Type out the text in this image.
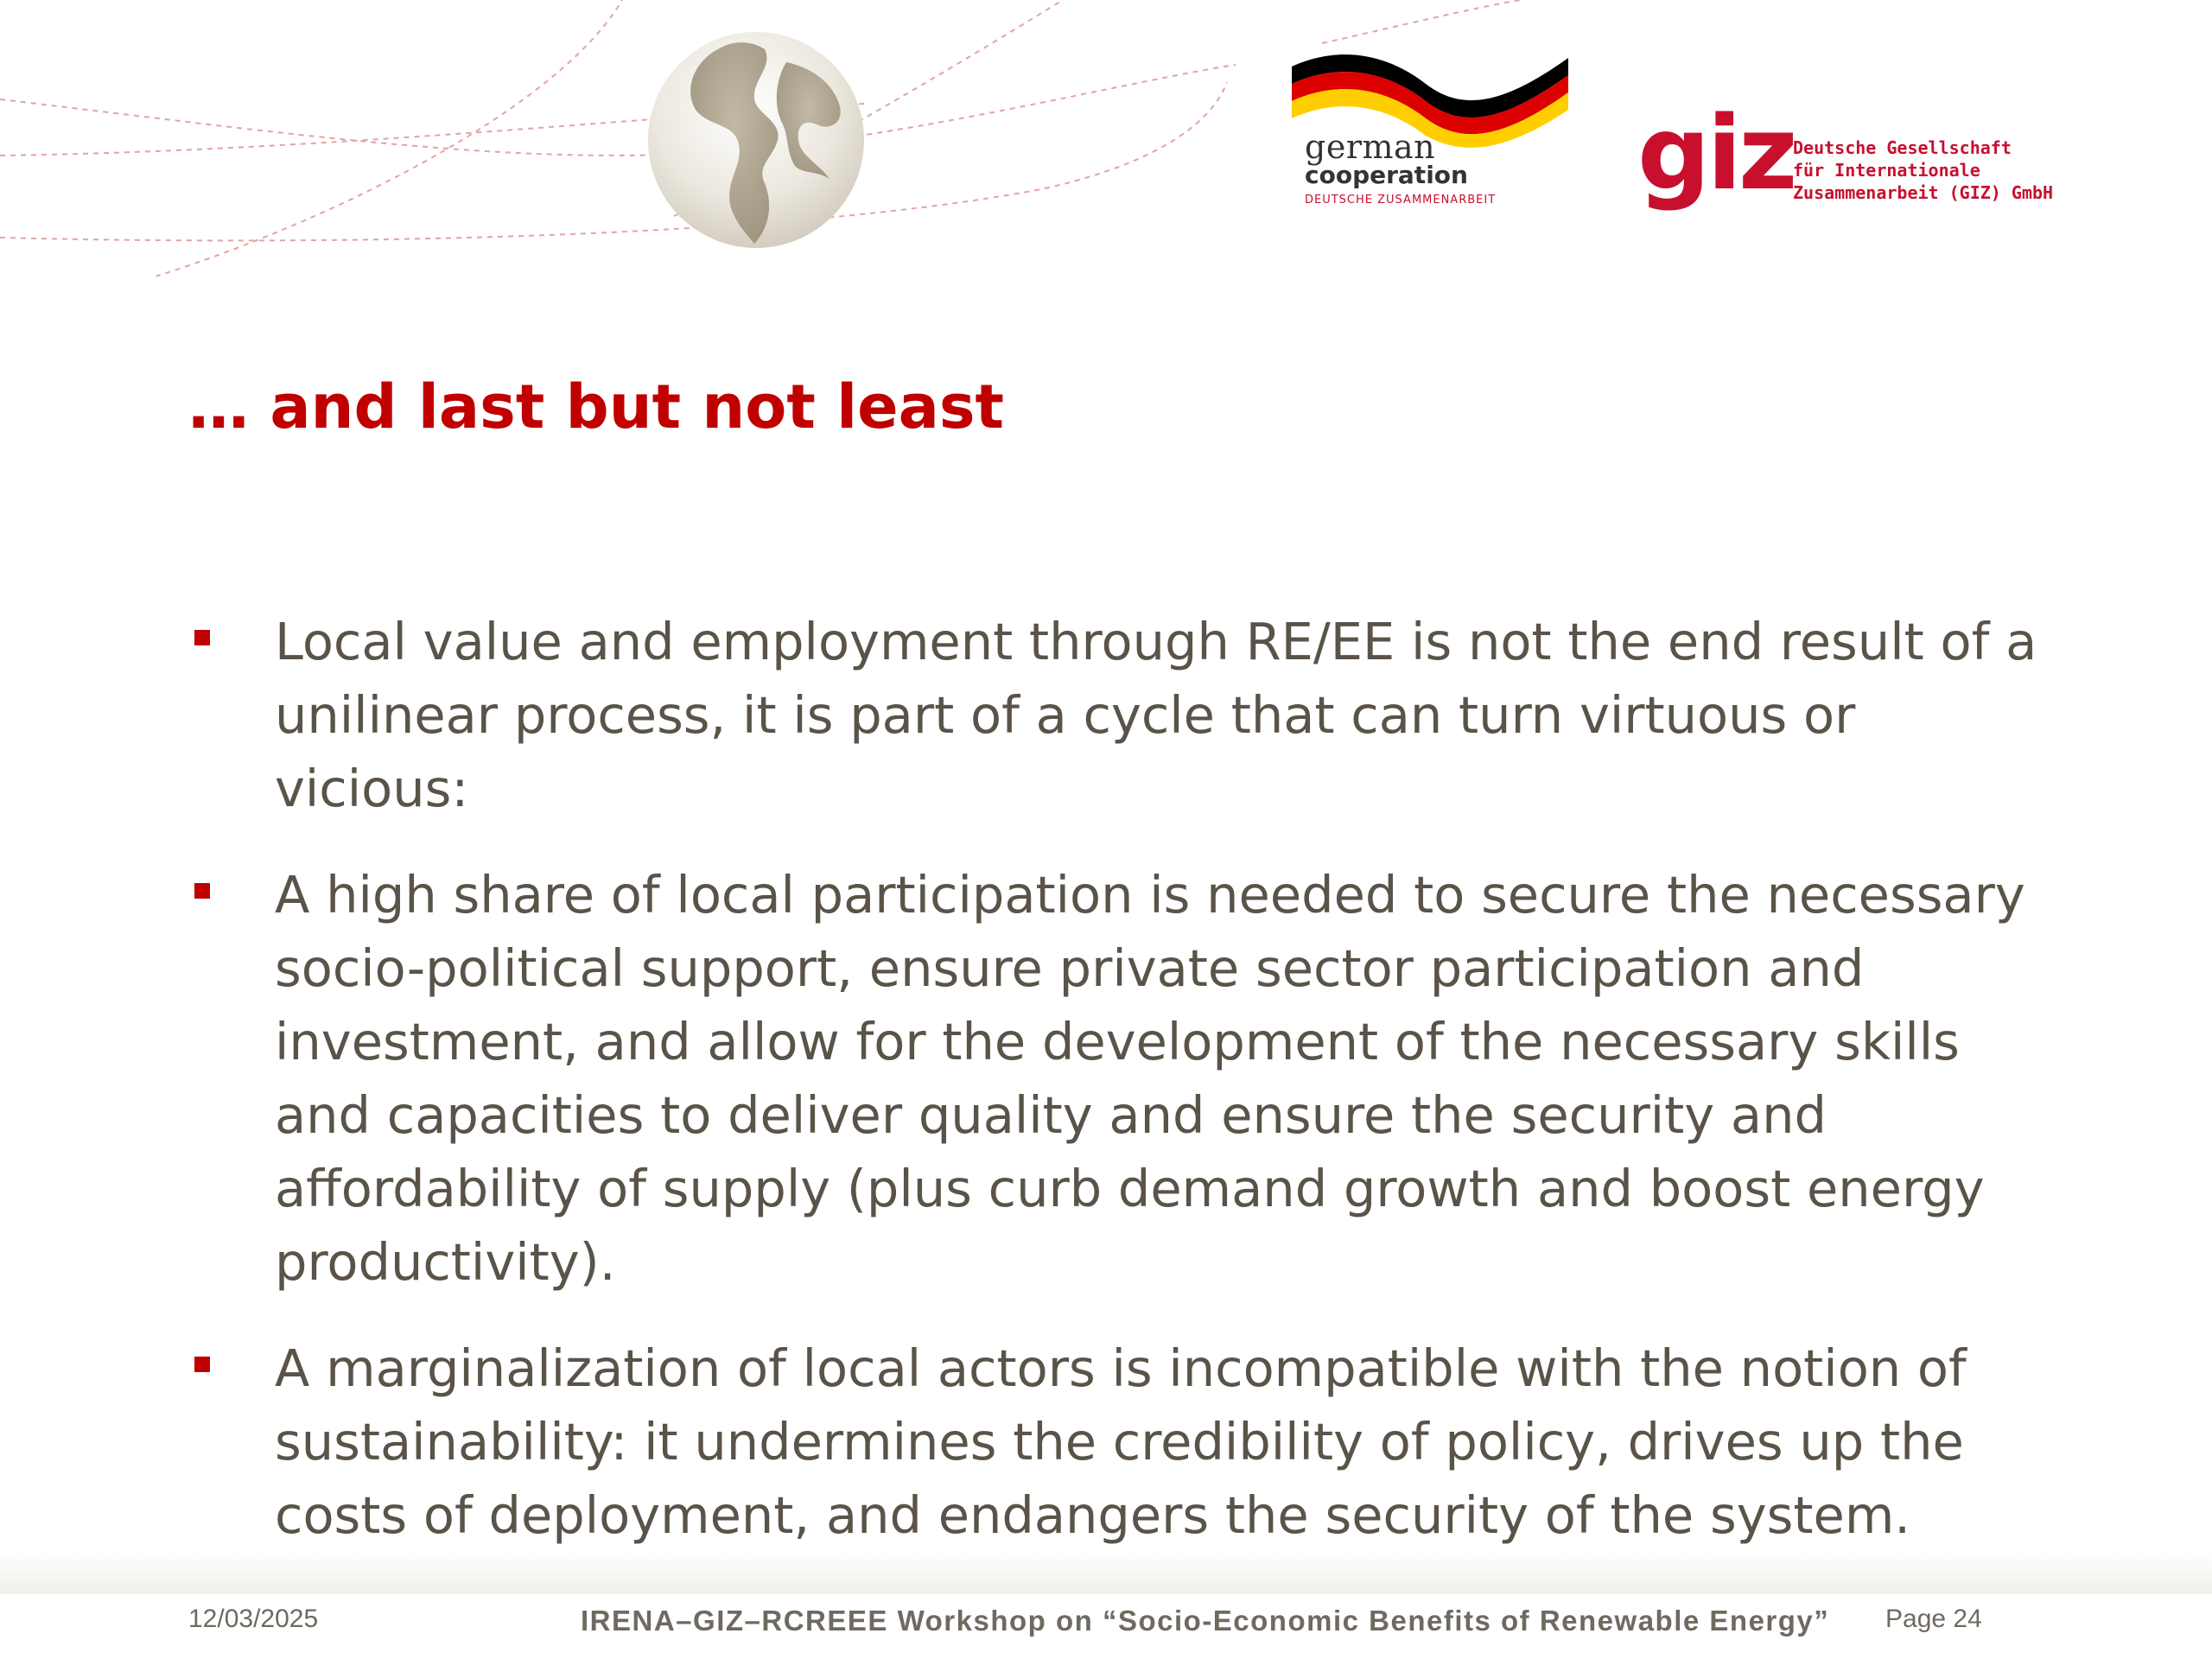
german
cooperation
DEUTSCHE ZUSAMMENARBEIT giz
Deutsche Gesellschaft
für Internationale
Zusammenarbeit (GIZ) GmbH
… and last but not least
Local value and employment through RE/EE is not the end result of a unilinear process, it is part of a cycle that can turn virtuous or vicious:
A high share of local participation is needed to secure the necessary socio-political support, ensure private sector participation and investment, and allow for the development of the necessary skills and capacities to deliver quality and ensure the security and affordability of supply (plus curb demand growth and boost energy productivity).
A marginalization of local actors is incompatible with the notion of sustainability: it undermines the credibility of policy, drives up the costs of deployment, and endangers the security of the system.
12/03/2025	IRENA–GIZ–RCREEE Workshop on “Socio-Economic Benefits of Renewable Energy” Page 24
